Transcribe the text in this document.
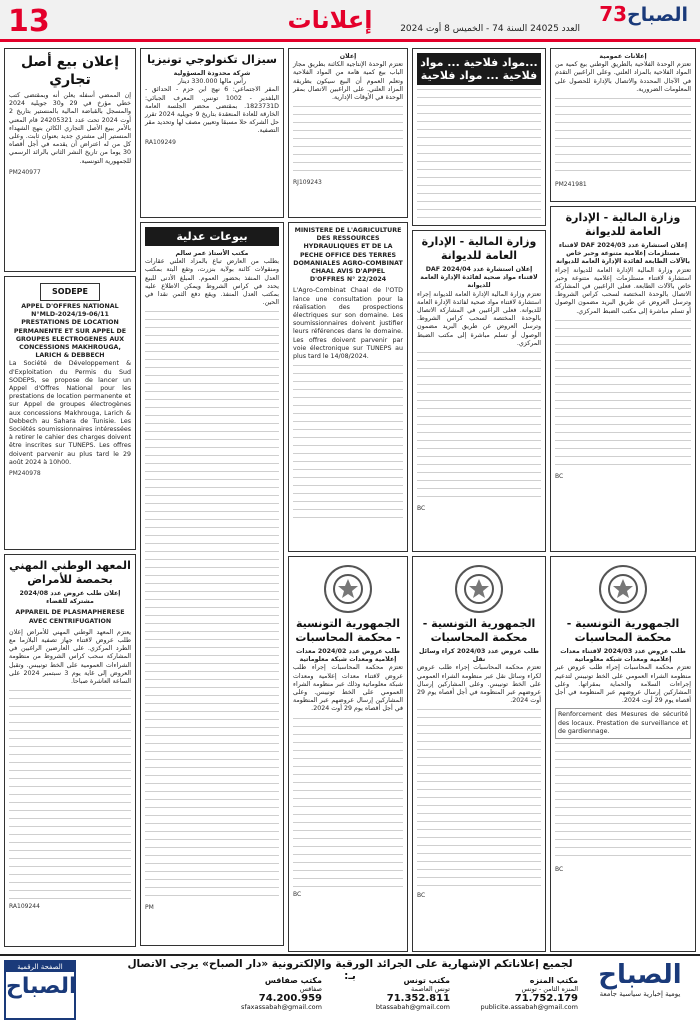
13	إعلانات	العدد 24025 السنة 74 - الخميس 8 أوت 2024
الصباح73
إعلان بيع أصل تجاري
إن الممضي أسفله يعلن أنه وبمقتضى كتب خطي مؤرخ في 29 و30 جويلية 2024 والمسجل بالقباضة المالية بالمنستير بتاريخ 2 أوت 2024 تحت عدد 24205321 قام المعني بالأمر ببيع الأصل التجاري الكائن بنهج الشهداء المنستير إلى مشتري جديد بعنوان ثابت. وعلى كل من له اعتراض أن يقدمه في أجل أقصاه 30 يوما من تاريخ النشر الثاني بالرائد الرسمي للجمهورية التونسية.
PM240977
SODEPE
APPEL D'OFFRES NATIONAL N°MLD-2024/19-06/11 PRESTATIONS DE LOCATION PERMANENTE ET SUR APPEL DE GROUPES ELECTROGENES AUX CONCESSIONS MAKHROUGA, LARICH & DEBBECH
La Société de Développement & d'Exploitation du Permis du Sud SODEPS, se propose de lancer un Appel d'Offres National pour les prestations de location permanente et sur Appel de groupes électrogènes aux concessions Makhrouga, Larich & Debbech au Sahara de Tunisie. Les Sociétés soumissionnaires intéressées à retirer le cahier des charges doivent être inscrites sur TUNEPS. Les offres doivent parvenir au plus tard le 29 août 2024 à 10h00.
PM240978
المعهد الوطني المهني بحمصة للأمراض
إعلان طلب عروض عدد 2024/08 مشتركة للقضاء
APPAREIL DE PLASMAPHERESE AVEC CENTRIFUGATION
يعتزم المعهد الوطني المهني للأمراض إعلان طلب عروض لاقتناء جهاز تصفية البلازما مع الطرد المركزي. على العارضين الراغبين في المشاركة سحب كراس الشروط من منظومة الشراءات العمومية على الخط تونيبس. وتقبل العروض إلى غاية يوم 3 سبتمبر 2024 على الساعة العاشرة صباحا.
RA109244
سيزال تكنولوجي تونيزيا
شركة محدودة المسؤولية
رأس مالها 330.000 دينار
المقر الاجتماعي: 6 نهج ابن حزم - الحدائق - البلفدير - 1002 تونس. المعرف الجبائي: 1823731D. بمقتضى محضر الجلسة العامة الخارقة للعادة المنعقدة بتاريخ 9 جويلية 2024 تقرر حل الشركة حلا مسبقا وتعيين مصف لها وتحديد مقر التصفية.
RA109249
بيوعات عدلية
مكتب الأستاذ عمر سالم
بطلب من العارض تباع بالمزاد العلني عقارات ومنقولات كائنة بولاية بنزرت، وتقع البتة بمكتب العدل المنفذ بحضور العموم. المبلغ الأدنى للبيع يحدد في كراس الشروط ويمكن الاطلاع عليه بمكتب العدل المنفذ. ويقع دفع الثمن نقدا في الحين.
PM
إعلان
تعتزم الوحدة الإنتاجية الكائنة بطريق مجاز الباب بيع كمية هامة من المواد الفلاحية وتعلم العموم أن البيع سيكون بطريقة المزاد العلني. على الراغبين الاتصال بمقر الوحدة في الأوقات الإدارية.
RJ109243
MINISTERE DE L'AGRICULTURE DES RESSOURCES HYDRAULIQUES ET DE LA PECHE OFFICE DES TERRES DOMANIALES AGRO-COMBINAT CHAAL AVIS D'APPEL D'OFFRES N° 22/2024
L'Agro-Combinat Chaal de l'OTD lance une consultation pour la réalisation des prospections électriques sur son domaine. Les soumissionnaires doivent justifier leurs références dans le domaine. Les offres doivent parvenir par voie électronique sur TUNEPS au plus tard le 14/08/2024.
الجمهورية التونسية - محكمة المحاسبات
طلب عروض عدد 2024/02 معدات إعلامية ومعدات شبكة معلوماتية
تعتزم محكمة المحاسبات إجراء طلب عروض لاقتناء معدات إعلامية ومعدات شبكة معلوماتية وذلك عبر منظومة الشراء العمومي على الخط تونيبس. وعلى المشاركين إرسال عروضهم عبر المنظومة في أجل أقصاه يوم 29 أوت 2024.
BC
...مواد فلاحية ... مواد فلاحية ... مواد فلاحية
وزارة المالية - الإدارة العامة للديوانة
إعلان استشارة عدد 04/DAF 2024 لاقتناء مواد صحية لفائدة الإدارة العامة للديوانة
تعتزم وزارة المالية الإدارة العامة للديوانة إجراء استشارة لاقتناء مواد صحية لفائدة الإدارة العامة للديوانة. فعلى الراغبين في المشاركة الاتصال بالوحدة المختصة لسحب كراس الشروط. وترسل العروض عن طريق البريد مضمون الوصول أو تسلم مباشرة إلى مكتب الضبط المركزي.
BC
الجمهورية التونسية - محكمة المحاسبات
طلب عروض عدد 2024/03 كراء وسائل نقل
تعتزم محكمة المحاسبات إجراء طلب عروض لكراء وسائل نقل عبر منظومة الشراء العمومي على الخط تونيبس. وعلى المشاركين إرسال عروضهم عبر المنظومة في أجل أقصاه يوم 29 أوت 2024.
BC
إعلانات عمومية
تعتزم الوحدة الفلاحية بالطريق الوطني بيع كمية من المواد الفلاحية بالمزاد العلني. وعلى الراغبين التقدم في الآجال المحددة والاتصال بالإدارة للحصول على المعلومات الضرورية.
PM241981
وزارة المالية - الإدارة العامة للديوانة
إعلان استشارة عدد 03/DAF 2024 لاقتناء مستلزمات إعلامية متنوعة وحبر خاص بالآلات الطابعة لفائدة الإدارة العامة للديوانة
تعتزم وزارة المالية الإدارة العامة للديوانة إجراء استشارة لاقتناء مستلزمات إعلامية متنوعة وحبر خاص بالآلات الطابعة. فعلى الراغبين في المشاركة الاتصال بالوحدة المختصة لسحب كراس الشروط. وترسل العروض عن طريق البريد مضمون الوصول أو تسلم مباشرة إلى مكتب الضبط المركزي.
BC
الجمهورية التونسية - محكمة المحاسبات
طلب عروض عدد 2024/03 لاقتناء معدات إعلامية ومعدات شبكة معلوماتية
تعتزم محكمة المحاسبات إجراء طلب عروض عبر منظومة الشراء العمومي على الخط تونيبس لتدعيم إجراءات السلامة والحماية بمقراتها. وعلى المشاركين إرسال عروضهم عبر المنظومة في أجل أقصاه يوم 29 أوت 2024.
Renforcement des Mesures de sécurité des locaux. Prestation de surveillance et de gardiennage.
BC
لجميع إعلاناتكم الإشهارية على الجرائد الورقية والإلكترونية «دار الصباح» يرجى الاتصال بـ:	مكتب المنزه
المنزه الثامن - تونس
71.752.179
publicite.assabah@gmail.com
مكتب تونس
تونس العاصمة
71.352.811
btassabah@gmail.com
مكتب صفاقس
صفاقس
74.200.959
sfaxassabah@gmail.com
الصباح
يومية إخبارية سياسية جامعة
الصفحة الرقمية
الصباح
